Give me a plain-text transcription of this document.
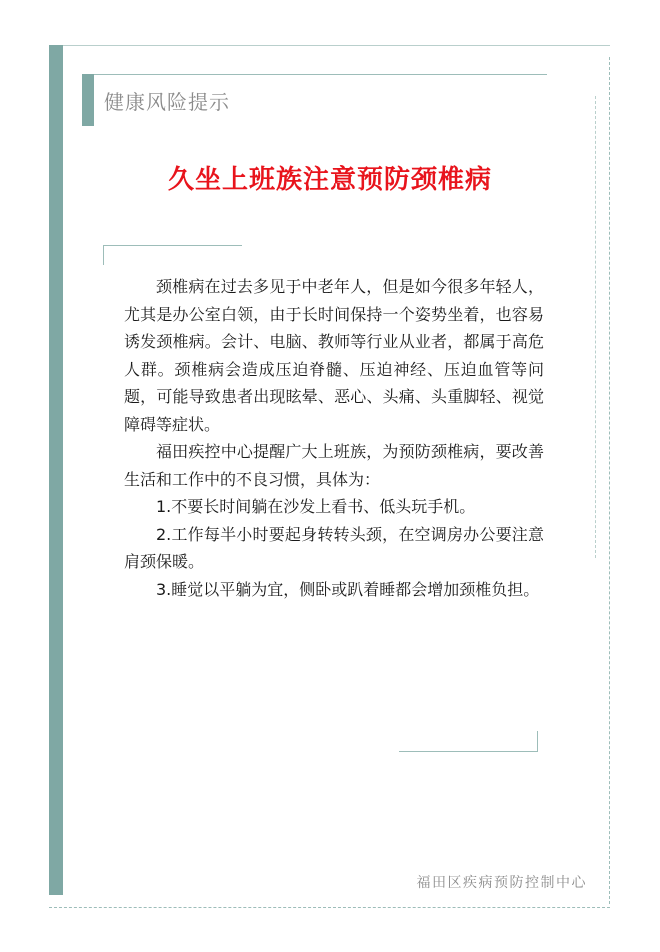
健康风险提示
久坐上班族注意预防颈椎病

颈椎病在过去多见于中老年人，但是如今很多年轻人，尤其是办公室白领，由于长时间保持一个姿势坐着，也容易诱发颈椎病。会计、电脑、教师等行业从业者，都属于高危人群。颈椎病会造成压迫脊髓、压迫神经、压迫血管等问题，可能导致患者出现眩晕、恶心、头痛、头重脚轻、视觉障碍等症状。

福田疾控中心提醒广大上班族，为预防颈椎病，要改善生活和工作中的不良习惯，具体为：

1.不要长时间躺在沙发上看书、低头玩手机。

2.工作每半小时要起身转转头颈，在空调房办公要注意肩颈保暖。

3.睡觉以平躺为宜，侧卧或趴着睡都会增加颈椎负担。

福田区疾病预防控制中心
